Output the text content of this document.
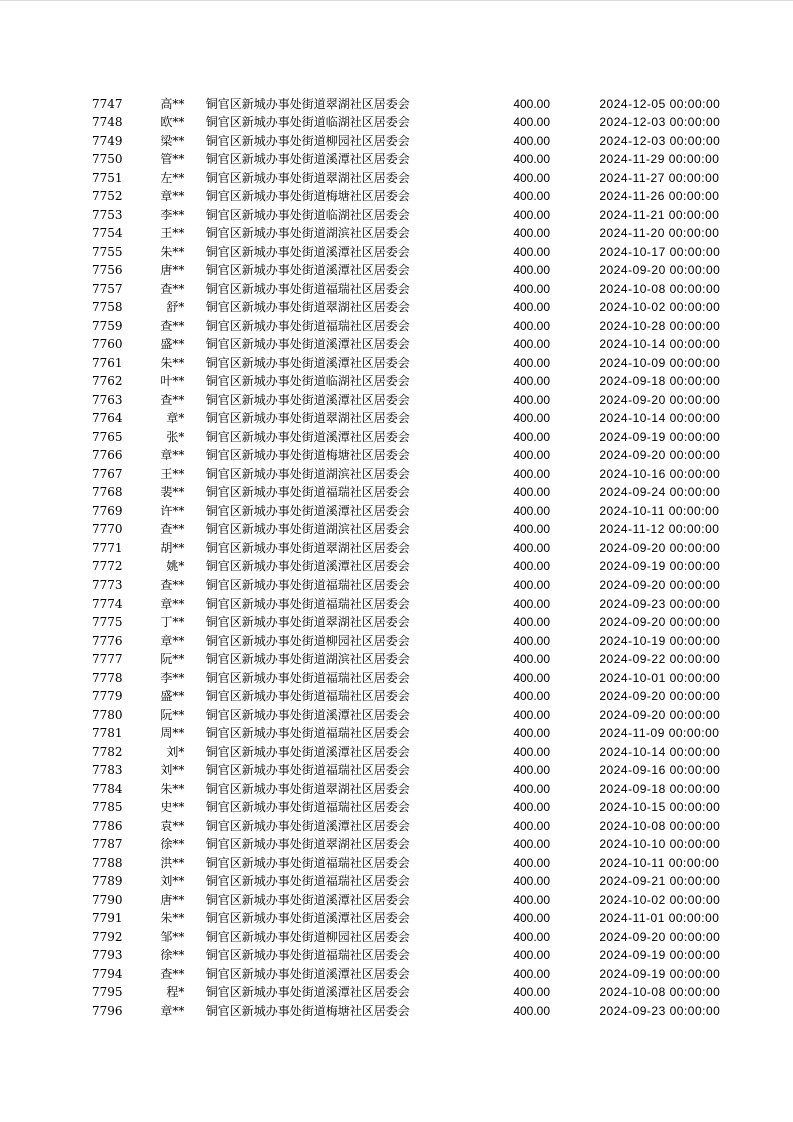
7747	高** 铜官区新城办事处街道翠湖社区居委会	400.00	2024-12-05 00:00:00
7748	欧** 铜官区新城办事处街道临湖社区居委会	400.00	2024-12-03 00:00:00
7749	梁** 铜官区新城办事处街道柳园社区居委会	400.00	2024-12-03 00:00:00
7750	管** 铜官区新城办事处街道溪潭社区居委会	400.00	2024-11-29 00:00:00
7751	左** 铜官区新城办事处街道翠湖社区居委会	400.00	2024-11-27 00:00:00
7752	章** 铜官区新城办事处街道梅塘社区居委会	400.00	2024-11-26 00:00:00
7753	李** 铜官区新城办事处街道临湖社区居委会	400.00	2024-11-21 00:00:00
7754	王** 铜官区新城办事处街道湖滨社区居委会	400.00	2024-11-20 00:00:00
7755	朱** 铜官区新城办事处街道溪潭社区居委会	400.00	2024-10-17 00:00:00
7756	唐** 铜官区新城办事处街道溪潭社区居委会	400.00	2024-09-20 00:00:00
7757	查** 铜官区新城办事处街道福瑞社区居委会	400.00	2024-10-08 00:00:00
7758	舒* 铜官区新城办事处街道翠湖社区居委会	400.00	2024-10-02 00:00:00
7759	查** 铜官区新城办事处街道福瑞社区居委会	400.00	2024-10-28 00:00:00
7760	盛** 铜官区新城办事处街道溪潭社区居委会	400.00	2024-10-14 00:00:00
7761	朱** 铜官区新城办事处街道溪潭社区居委会	400.00	2024-10-09 00:00:00
7762	叶** 铜官区新城办事处街道临湖社区居委会	400.00	2024-09-18 00:00:00
7763	查** 铜官区新城办事处街道溪潭社区居委会	400.00	2024-09-20 00:00:00
7764	章* 铜官区新城办事处街道翠湖社区居委会	400.00	2024-10-14 00:00:00
7765	张* 铜官区新城办事处街道溪潭社区居委会	400.00	2024-09-19 00:00:00
7766	章** 铜官区新城办事处街道梅塘社区居委会	400.00	2024-09-20 00:00:00
7767	王** 铜官区新城办事处街道湖滨社区居委会	400.00	2024-10-16 00:00:00
7768	裴** 铜官区新城办事处街道福瑞社区居委会	400.00	2024-09-24 00:00:00
7769	许** 铜官区新城办事处街道溪潭社区居委会	400.00	2024-10-11 00:00:00
7770	查** 铜官区新城办事处街道湖滨社区居委会	400.00	2024-11-12 00:00:00
7771	胡** 铜官区新城办事处街道翠湖社区居委会	400.00	2024-09-20 00:00:00
7772	姚* 铜官区新城办事处街道溪潭社区居委会	400.00	2024-09-19 00:00:00
7773	查** 铜官区新城办事处街道福瑞社区居委会	400.00	2024-09-20 00:00:00
7774	章** 铜官区新城办事处街道福瑞社区居委会	400.00	2024-09-23 00:00:00
7775	丁** 铜官区新城办事处街道翠湖社区居委会	400.00	2024-09-20 00:00:00
7776	章** 铜官区新城办事处街道柳园社区居委会	400.00	2024-10-19 00:00:00
7777	阮** 铜官区新城办事处街道湖滨社区居委会	400.00	2024-09-22 00:00:00
7778	李** 铜官区新城办事处街道福瑞社区居委会	400.00	2024-10-01 00:00:00
7779	盛** 铜官区新城办事处街道福瑞社区居委会	400.00	2024-09-20 00:00:00
7780	阮** 铜官区新城办事处街道溪潭社区居委会	400.00	2024-09-20 00:00:00
7781	周** 铜官区新城办事处街道福瑞社区居委会	400.00	2024-11-09 00:00:00
7782	刘* 铜官区新城办事处街道溪潭社区居委会	400.00	2024-10-14 00:00:00
7783	刘** 铜官区新城办事处街道福瑞社区居委会	400.00	2024-09-16 00:00:00
7784	朱** 铜官区新城办事处街道翠湖社区居委会	400.00	2024-09-18 00:00:00
7785	史** 铜官区新城办事处街道福瑞社区居委会	400.00	2024-10-15 00:00:00
7786	袁** 铜官区新城办事处街道溪潭社区居委会	400.00	2024-10-08 00:00:00
7787	徐** 铜官区新城办事处街道翠湖社区居委会	400.00	2024-10-10 00:00:00
7788	洪** 铜官区新城办事处街道福瑞社区居委会	400.00	2024-10-11 00:00:00
7789	刘** 铜官区新城办事处街道福瑞社区居委会	400.00	2024-09-21 00:00:00
7790	唐** 铜官区新城办事处街道溪潭社区居委会	400.00	2024-10-02 00:00:00
7791	朱** 铜官区新城办事处街道溪潭社区居委会	400.00	2024-11-01 00:00:00
7792	邹** 铜官区新城办事处街道柳园社区居委会	400.00	2024-09-20 00:00:00
7793	徐** 铜官区新城办事处街道福瑞社区居委会	400.00	2024-09-19 00:00:00
7794	查** 铜官区新城办事处街道溪潭社区居委会	400.00	2024-09-19 00:00:00
7795	程* 铜官区新城办事处街道溪潭社区居委会	400.00	2024-10-08 00:00:00
7796	章** 铜官区新城办事处街道梅塘社区居委会	400.00	2024-09-23 00:00:00
